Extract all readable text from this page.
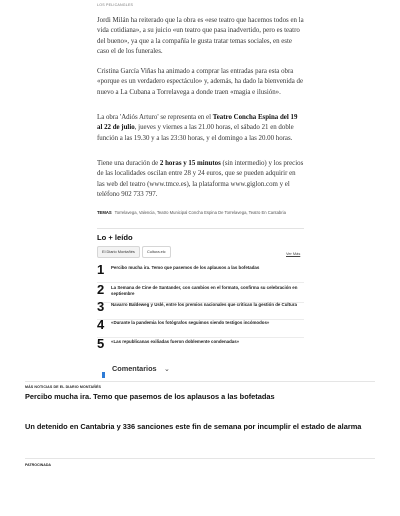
LOS PELICANGLES

Jordi Milán ha reiterado que la obra es «ese teatro que hacemos todos en la vida cotidiana», a su juicio «un teatro que pasa inadvertido, pero es teatro del bueno», ya que a la compañía le gusta tratar temas sociales, en este caso el de los funerales.

Cristina García Viñas ha animado a comprar las entradas para esta obra «porque es un verdadero espectáculo» y, además, ha dado la bienvenida de nuevo a La Cubana a Torrelavega a donde traen «magia e ilusión».

La obra 'Adiós Arturo' se representa en el Teatro Concha Espina del 19 al 22 de julio, jueves y viernes a las 21.00 horas, el sábado 21 en doble función a las 19.30 y a las 23:30 horas, y el domingo a las 20.00 horas.

Tiene una duración de 2 horas y 15 minutos (sin intermedio) y los precios de las localidades oscilan entre 28 y 24 euros, que se pueden adquirir en las web del teatro (www.tmce.es), la plataforma www.giglon.com y el teléfono 902 733 797.

TEMAS Torrelavega, Valencia, Teatro Municipal Concha Espina De Torrelavega, Teatro En Cantabria
Lo + leído
El Diario Montañés	Cultura.elc	Ver Más
1 Percibo mucha ira. Temo que pasemos de los aplausos a las bofetadas
2 La Semana de Cine de Santander, con cambios en el formato, confirma su celebración en septiembre
3 Navarro Baldeweg y Uslé, entre los premios nacionales que critican la gestión de Cultura
4 «Durante la pandemia los fotógrafos seguimos siendo testigos incómodos»
5 «Las republicanas exiliadas fueron doblemente condenadas»
Comentarios ⌄
MÁS NOTICIAS DE EL DIARIO MONTAÑÉS
Percibo mucha ira. Temo que pasemos de los aplausos a las bofetadas
Un detenido en Cantabria y 336 sanciones este fin de semana por incumplir el estado de alarma
PATROCINADA
